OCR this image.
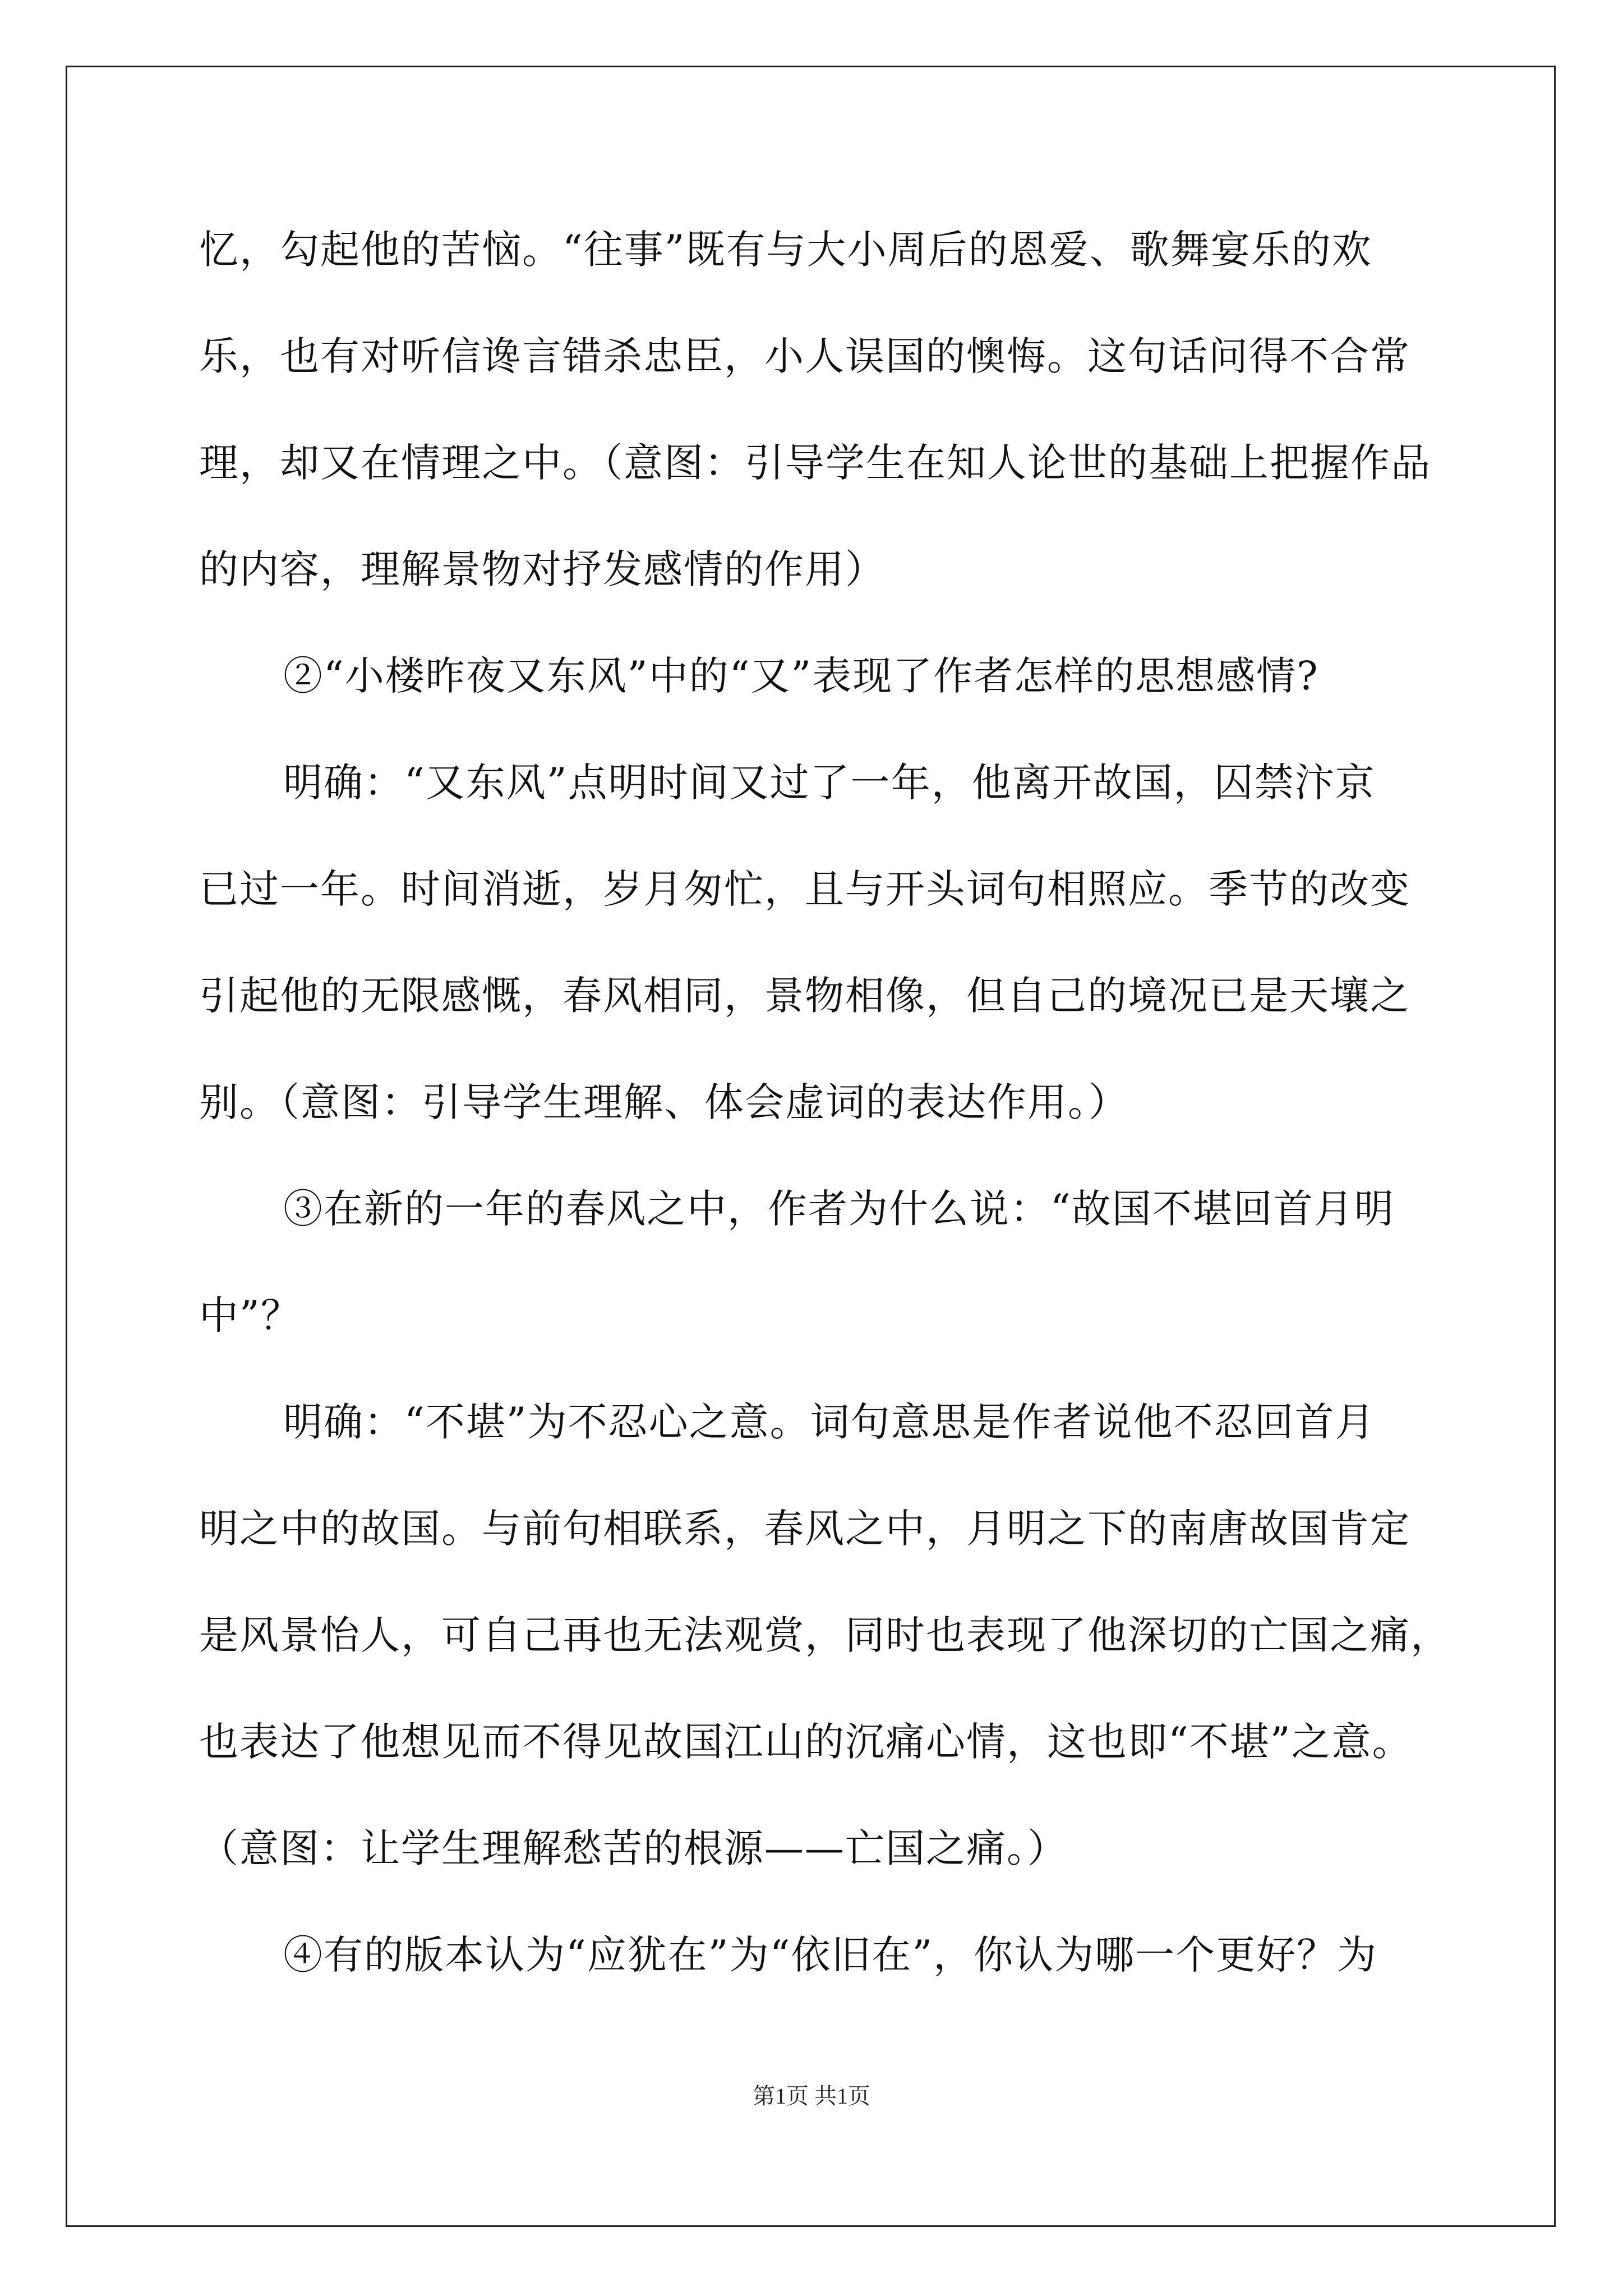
忆，勾起他的苦恼。“往事”既有与大小周后的恩爱、歌舞宴乐的欢
乐，也有对听信谗言错杀忠臣，小人误国的懊悔。这句话问得不合常
理，却又在情理之中。（意图：引导学生在知人论世的基础上把握作品
的内容，理解景物对抒发感情的作用）
②“小楼昨夜又东风”中的“又”表现了作者怎样的思想感情?
明确：“又东风”点明时间又过了一年，他离开故国，囚禁汴京
已过一年。时间消逝，岁月匆忙，且与开头词句相照应。季节的改变
引起他的无限感慨，春风相同，景物相像，但自己的境况已是天壤之
别。（意图：引导学生理解、体会虚词的表达作用。）
③在新的一年的春风之中，作者为什么说：“故国不堪回首月明
中”？
明确：“不堪”为不忍心之意。词句意思是作者说他不忍回首月
明之中的故国。与前句相联系，春风之中，月明之下的南唐故国肯定
是风景怡人，可自己再也无法观赏，同时也表现了他深切的亡国之痛，
也表达了他想见而不得见故国江山的沉痛心情，这也即“不堪”之意。
（意图：让学生理解愁苦的根源——亡国之痛。）
④有的版本认为“应犹在”为“依旧在”，你认为哪一个更好？为
第1页 共1页
